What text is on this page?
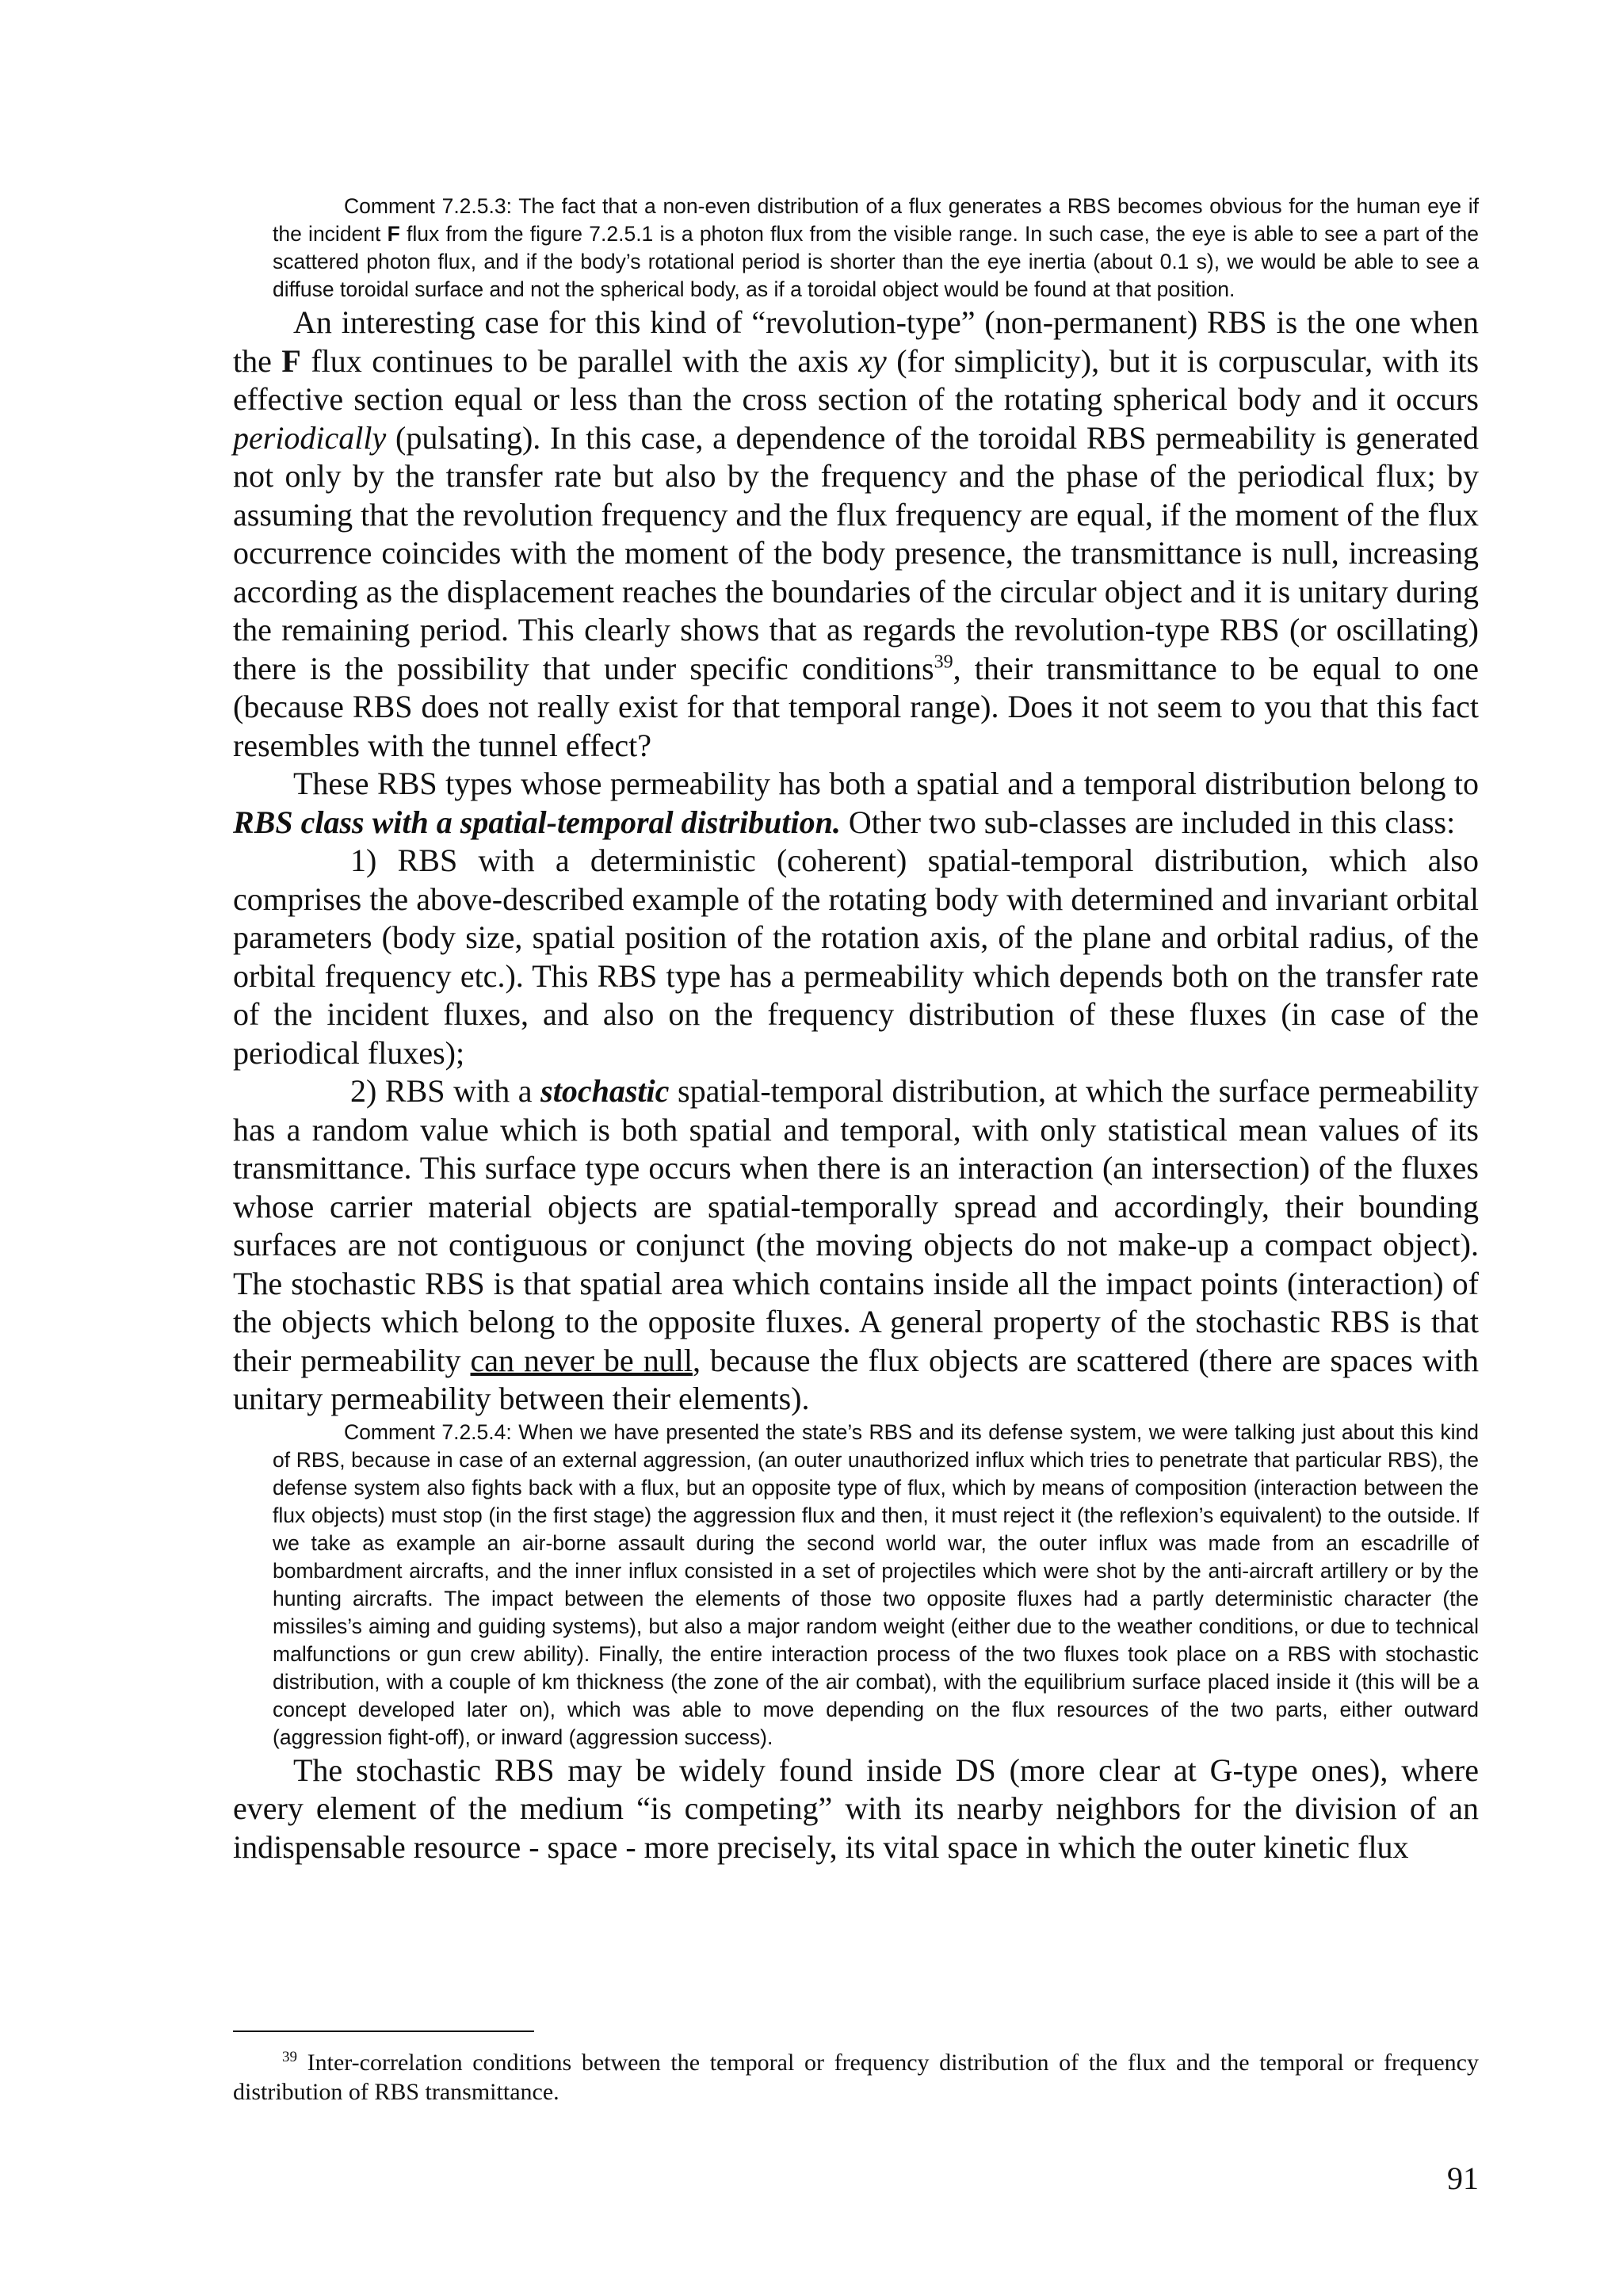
Comment 7.2.5.3: The fact that a non-even distribution of a flux generates a RBS becomes obvious for the human eye if the incident F flux from the figure 7.2.5.1 is a photon flux from the visible range. In such case, the eye is able to see a part of the scattered photon flux, and if the body’s rotational period is shorter than the eye inertia (about 0.1 s), we would be able to see a diffuse toroidal surface and not the spherical body, as if a toroidal object would be found at that position.

An interesting case for this kind of “revolution-type” (non-permanent) RBS is the one when the F flux continues to be parallel with the axis xy (for simplicity), but it is corpuscular, with its effective section equal or less than the cross section of the rotating spherical body and it occurs periodically (pulsating). In this case, a dependence of the toroidal RBS permeability is generated not only by the transfer rate but also by the frequency and the phase of the periodical flux; by assuming that the revolution frequency and the flux frequency are equal, if the moment of the flux occurrence coincides with the moment of the body presence, the transmittance is null, increasing according as the displacement reaches the boundaries of the circular object and it is unitary during the remaining period. This clearly shows that as regards the revolution-type RBS (or oscillating) there is the possibility that under specific conditions$^{39}$, their transmittance to be equal to one (because RBS does not really exist for that temporal range). Does it not seem to you that this fact resembles with the tunnel effect?

These RBS types whose permeability has both a spatial and a temporal distribution belong to RBS class with a spatial-temporal distribution. Other two sub-classes are included in this class:

1) RBS with a deterministic (coherent) spatial-temporal distribution, which also comprises the above-described example of the rotating body with determined and invariant orbital parameters (body size, spatial position of the rotation axis, of the plane and orbital radius, of the orbital frequency etc.). This RBS type has a permeability which depends both on the transfer rate of the incident fluxes, and also on the frequency distribution of these fluxes (in case of the periodical fluxes);

2) RBS with a stochastic spatial-temporal distribution, at which the surface permeability has a random value which is both spatial and temporal, with only statistical mean values of its transmittance. This surface type occurs when there is an interaction (an intersection) of the fluxes whose carrier material objects are spatial-temporally spread and accordingly, their bounding surfaces are not contiguous or conjunct (the moving objects do not make-up a compact object). The stochastic RBS is that spatial area which contains inside all the impact points (interaction) of the objects which belong to the opposite fluxes. A general property of the stochastic RBS is that their permeability can never be null, because the flux objects are scattered (there are spaces with unitary permeability between their elements).

Comment 7.2.5.4: When we have presented the state’s RBS and its defense system, we were talking just about this kind of RBS, because in case of an external aggression, (an outer unauthorized influx which tries to penetrate that particular RBS), the defense system also fights back with a flux, but an opposite type of flux, which by means of composition (interaction between the flux objects) must stop (in the first stage) the aggression flux and then, it must reject it (the reflexion’s equivalent) to the outside. If we take as example an air-borne assault during the second world war, the outer influx was made from an escadrille of bombardment aircrafts, and the inner influx consisted in a set of projectiles which were shot by the anti-aircraft artillery or by the hunting aircrafts. The impact between the elements of those two opposite fluxes had a partly deterministic character (the missiles’s aiming and guiding systems), but also a major random weight (either due to the weather conditions, or due to technical malfunctions or gun crew ability). Finally, the entire interaction process of the two fluxes took place on a RBS with stochastic distribution, with a couple of km thickness (the zone of the air combat), with the equilibrium surface placed inside it (this will be a concept developed later on), which was able to move depending on the flux resources of the two parts, either outward (aggression fight-off), or inward (aggression success).

The stochastic RBS may be widely found inside DS (more clear at G-type ones), where every element of the medium “is competing” with its nearby neighbors for the division of an indispensable resource - space - more precisely, its vital space in which the outer kinetic flux

$^{39}$ Inter-correlation conditions between the temporal or frequency distribution of the flux and the temporal or frequency distribution of RBS transmittance.

91
